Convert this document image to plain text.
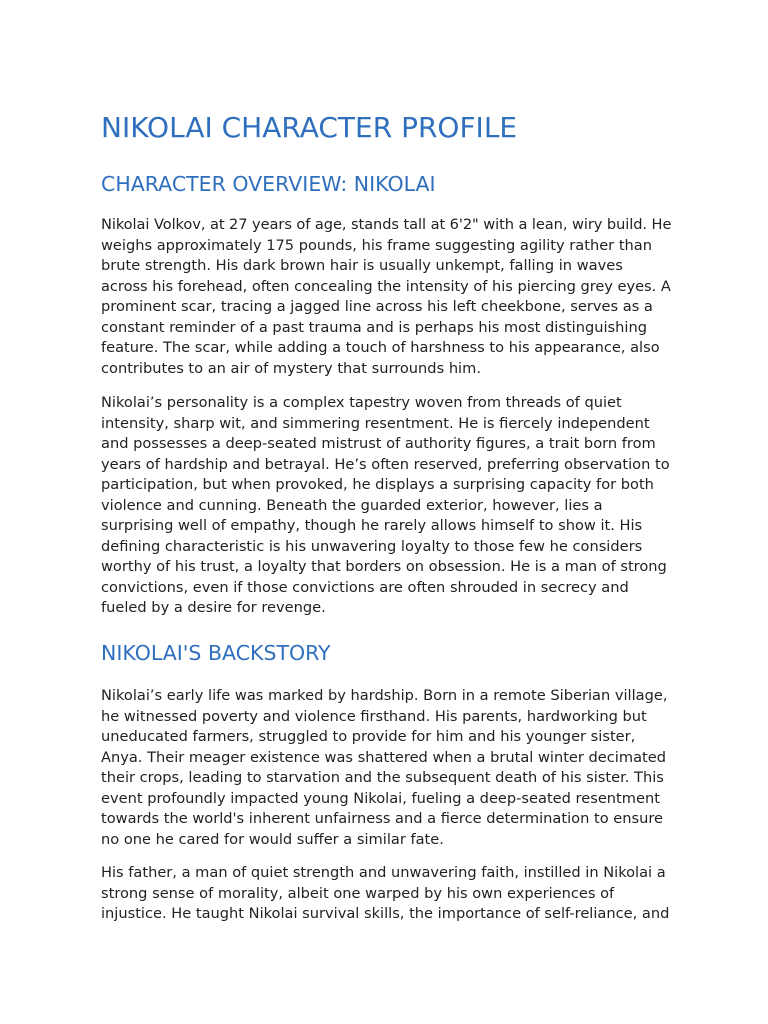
NIKOLAI CHARACTER PROFILE
CHARACTER OVERVIEW: NIKOLAI

Nikolai Volkov, at 27 years of age, stands tall at 6'2" with a lean, wiry build. He
weighs approximately 175 pounds, his frame suggesting agility rather than
brute strength. His dark brown hair is usually unkempt, falling in waves
across his forehead, often concealing the intensity of his piercing grey eyes. A
prominent scar, tracing a jagged line across his left cheekbone, serves as a
constant reminder of a past trauma and is perhaps his most distinguishing
feature. The scar, while adding a touch of harshness to his appearance, also
contributes to an air of mystery that surrounds him.

Nikolai’s personality is a complex tapestry woven from threads of quiet
intensity, sharp wit, and simmering resentment. He is fiercely independent
and possesses a deep-seated mistrust of authority figures, a trait born from
years of hardship and betrayal. He’s often reserved, preferring observation to
participation, but when provoked, he displays a surprising capacity for both
violence and cunning. Beneath the guarded exterior, however, lies a
surprising well of empathy, though he rarely allows himself to show it. His
defining characteristic is his unwavering loyalty to those few he considers
worthy of his trust, a loyalty that borders on obsession. He is a man of strong
convictions, even if those convictions are often shrouded in secrecy and
fueled by a desire for revenge.

NIKOLAI'S BACKSTORY

Nikolai’s early life was marked by hardship. Born in a remote Siberian village,
he witnessed poverty and violence firsthand. His parents, hardworking but
uneducated farmers, struggled to provide for him and his younger sister,
Anya. Their meager existence was shattered when a brutal winter decimated
their crops, leading to starvation and the subsequent death of his sister. This
event profoundly impacted young Nikolai, fueling a deep-seated resentment
towards the world's inherent unfairness and a fierce determination to ensure
no one he cared for would suffer a similar fate.

His father, a man of quiet strength and unwavering faith, instilled in Nikolai a
strong sense of morality, albeit one warped by his own experiences of
injustice. He taught Nikolai survival skills, the importance of self-reliance, and
